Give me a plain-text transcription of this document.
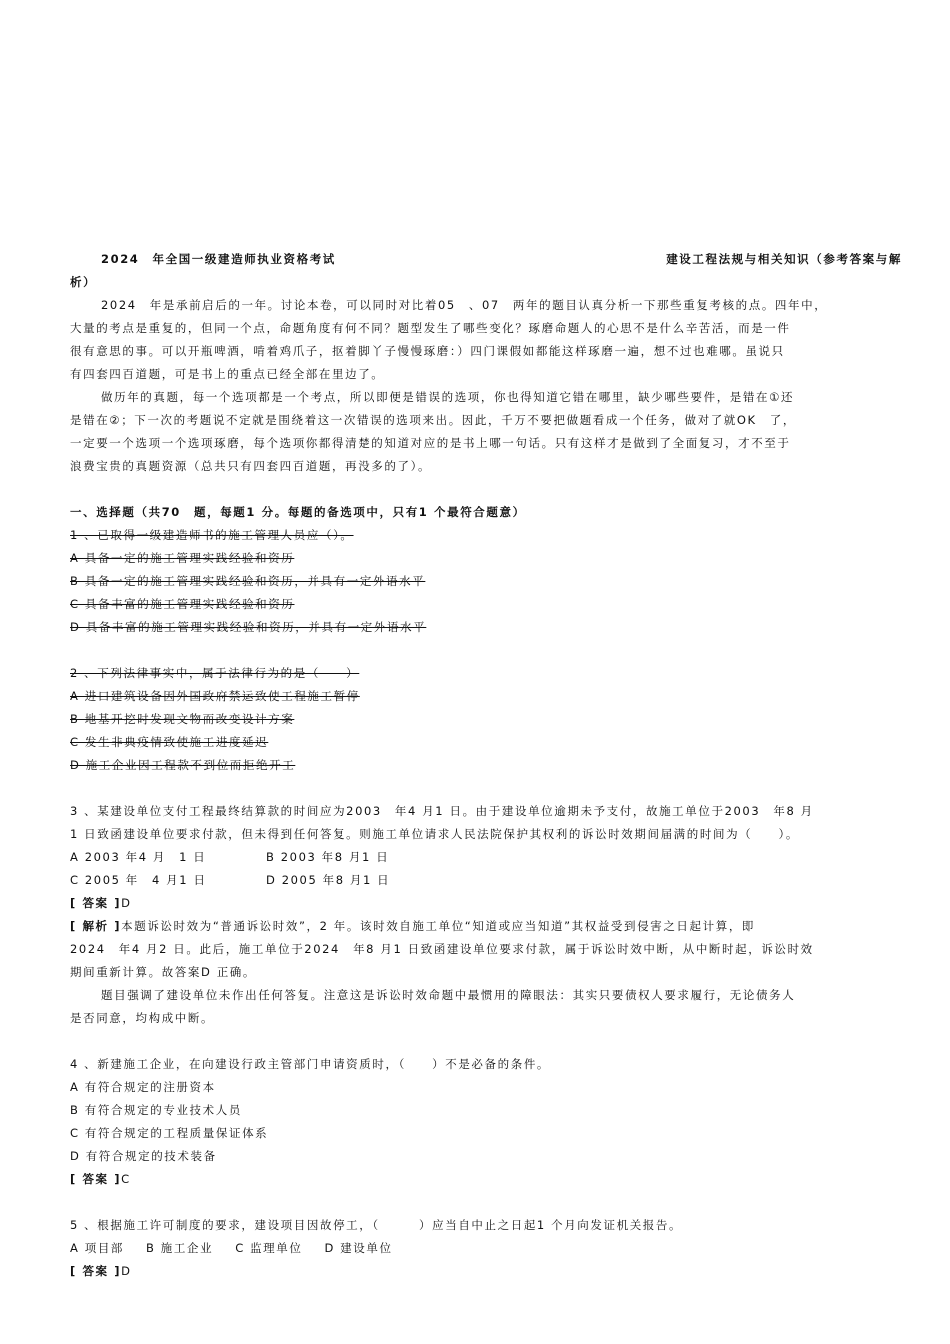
2024　年全国一级建造师执业资格考试	建设工程法规与相关知识（参考答案与解
析）
2024　年是承前启后的一年。讨论本卷，可以同时对比着05　、07　两年的题目认真分析一下那些重复考核的点。四年中，
大量的考点是重复的，但同一个点，命题角度有何不同？题型发生了哪些变化？琢磨命题人的心思不是什么辛苦活，而是一件
很有意思的事。可以开瓶啤酒，啃着鸡爪子，抠着脚丫子慢慢琢磨：）四门课假如都能这样琢磨一遍，想不过也难哪。虽说只
有四套四百道题，可是书上的重点已经全部在里边了。
做历年的真题，每一个选项都是一个考点，所以即便是错误的选项，你也得知道它错在哪里，缺少哪些要件，是错在①还
是错在②；下一次的考题说不定就是围绕着这一次错误的选项来出。因此，千万不要把做题看成一个任务，做对了就OK　了，
一定要一个选项一个选项琢磨，每个选项你都得清楚的知道对应的是书上哪一句话。只有这样才是做到了全面复习，才不至于
浪费宝贵的真题资源（总共只有四套四百道题，再没多的了）。
一、选择题（共70　题，每题1 分。每题的备选项中，只有1 个最符合题意）
1 、已取得一级建造师书的施工管理人员应（）。
A 具备一定的施工管理实践经验和资历
B 具备一定的施工管理实践经验和资历，并具有一定外语水平
C 具备丰富的施工管理实践经验和资历
D 具备丰富的施工管理实践经验和资历，并具有一定外语水平
2 、下列法律事实中，属于法律行为的是（　　）
A 进口建筑设备因外国政府禁运致使工程施工暂停
B 地基开挖时发现文物而改变设计方案
C 发生非典疫情致使施工进度延迟
D 施工企业因工程款不到位而拒绝开工
3 、某建设单位支付工程最终结算款的时间应为2003　年4 月1 日。由于建设单位逾期未予支付，故施工单位于2003　年8 月
1 日致函建设单位要求付款，但未得到任何答复。则施工单位请求人民法院保护其权利的诉讼时效期间届满的时间为（　　）。
A 2003 年4 月　1 日	B 2003 年8 月1 日
C 2005 年　4 月1 日	D 2005 年8 月1 日
[ 答案 ]D
[ 解析 ]本题诉讼时效为“普通诉讼时效”，2 年。该时效自施工单位“知道或应当知道”其权益受到侵害之日起计算，即
2024　年4 月2 日。此后，施工单位于2024　年8 月1 日致函建设单位要求付款，属于诉讼时效中断，从中断时起，诉讼时效
期间重新计算。故答案D 正确。
题目强调了建设单位未作出任何答复。注意这是诉讼时效命题中最惯用的障眼法：其实只要债权人要求履行，无论债务人
是否同意，均构成中断。
4 、新建施工企业，在向建设行政主管部门申请资质时，（　　）不是必备的条件。
A 有符合规定的注册资本
B 有符合规定的专业技术人员
C 有符合规定的工程质量保证体系
D 有符合规定的技术装备
[ 答案 ]C
5 、根据施工许可制度的要求，建设项目因故停工，（　　　）应当自中止之日起1 个月向发证机关报告。
A 项目部 B 施工企业 C 监理单位 D 建设单位
[ 答案 ]D
